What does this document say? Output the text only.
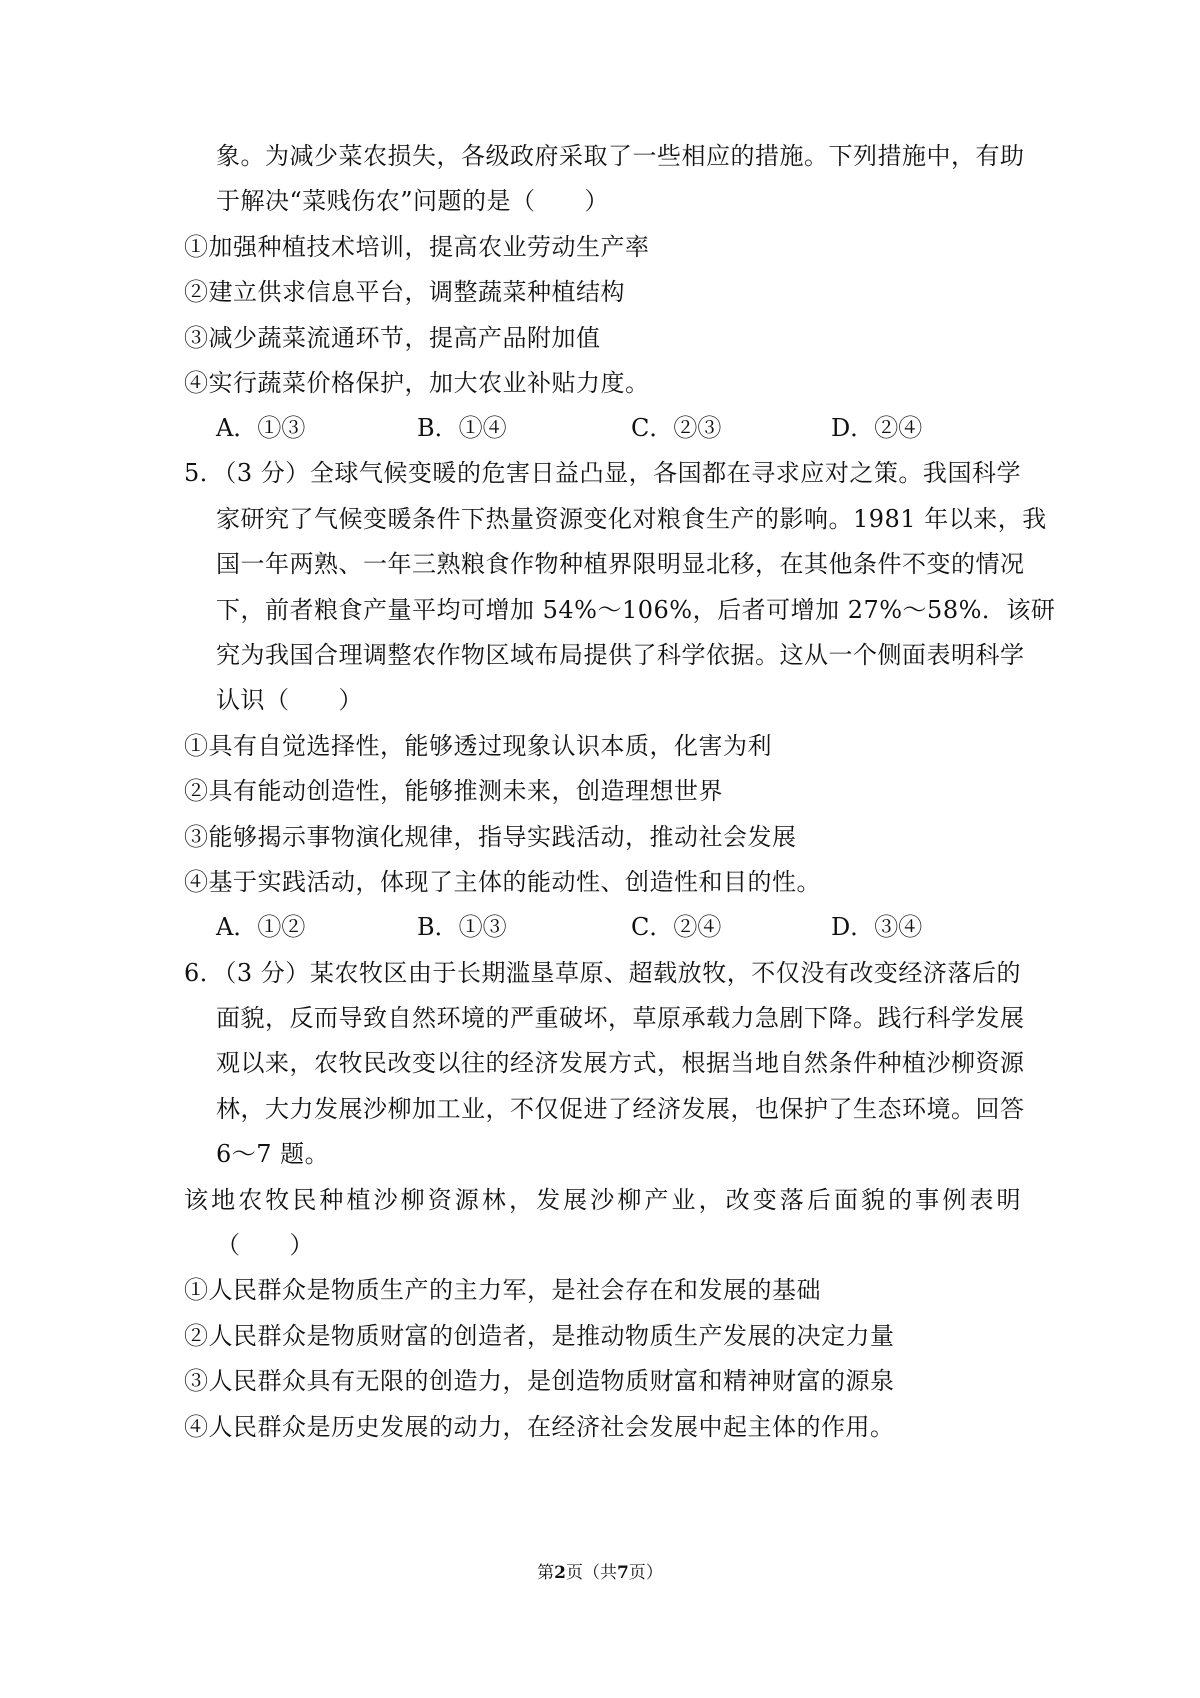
象。为减少菜农损失，各级政府采取了一些相应的措施。下列措施中，有助
于解决“菜贱伤农”问题的是（　　）
①加强种植技术培训，提高农业劳动生产率
②建立供求信息平台，调整蔬菜种植结构
③减少蔬菜流通环节，提高产品附加值
④实行蔬菜价格保护，加大农业补贴力度。
A．①③	B．①④	C．②③	D．②④
5．（3 分）全球气候变暖的危害日益凸显，各国都在寻求应对之策。我国科学
家研究了气候变暖条件下热量资源变化对粮食生产的影响。1981 年以来，我
国一年两熟、一年三熟粮食作物种植界限明显北移，在其他条件不变的情况
下，前者粮食产量平均可增加 54%～106%，后者可增加 27%～58%．该研
究为我国合理调整农作物区域布局提供了科学依据。这从一个侧面表明科学
认识（　　）
①具有自觉选择性，能够透过现象认识本质，化害为利
②具有能动创造性，能够推测未来，创造理想世界
③能够揭示事物演化规律，指导实践活动，推动社会发展
④基于实践活动，体现了主体的能动性、创造性和目的性。
A．①②	B．①③	C．②④	D．③④
6．（3 分）某农牧区由于长期滥垦草原、超载放牧，不仅没有改变经济落后的
面貌，反而导致自然环境的严重破坏，草原承载力急剧下降。践行科学发展
观以来，农牧民改变以往的经济发展方式，根据当地自然条件种植沙柳资源
林，大力发展沙柳加工业，不仅促进了经济发展，也保护了生态环境。回答
6～7 题。
该地农牧民种植沙柳资源林，发展沙柳产业，改变落后面貌的事例表明
（　　）
①人民群众是物质生产的主力军，是社会存在和发展的基础
②人民群众是物质财富的创造者，是推动物质生产发展的决定力量
③人民群众具有无限的创造力，是创造物质财富和精神财富的源泉
④人民群众是历史发展的动力，在经济社会发展中起主体的作用。
第2页（共7页）
